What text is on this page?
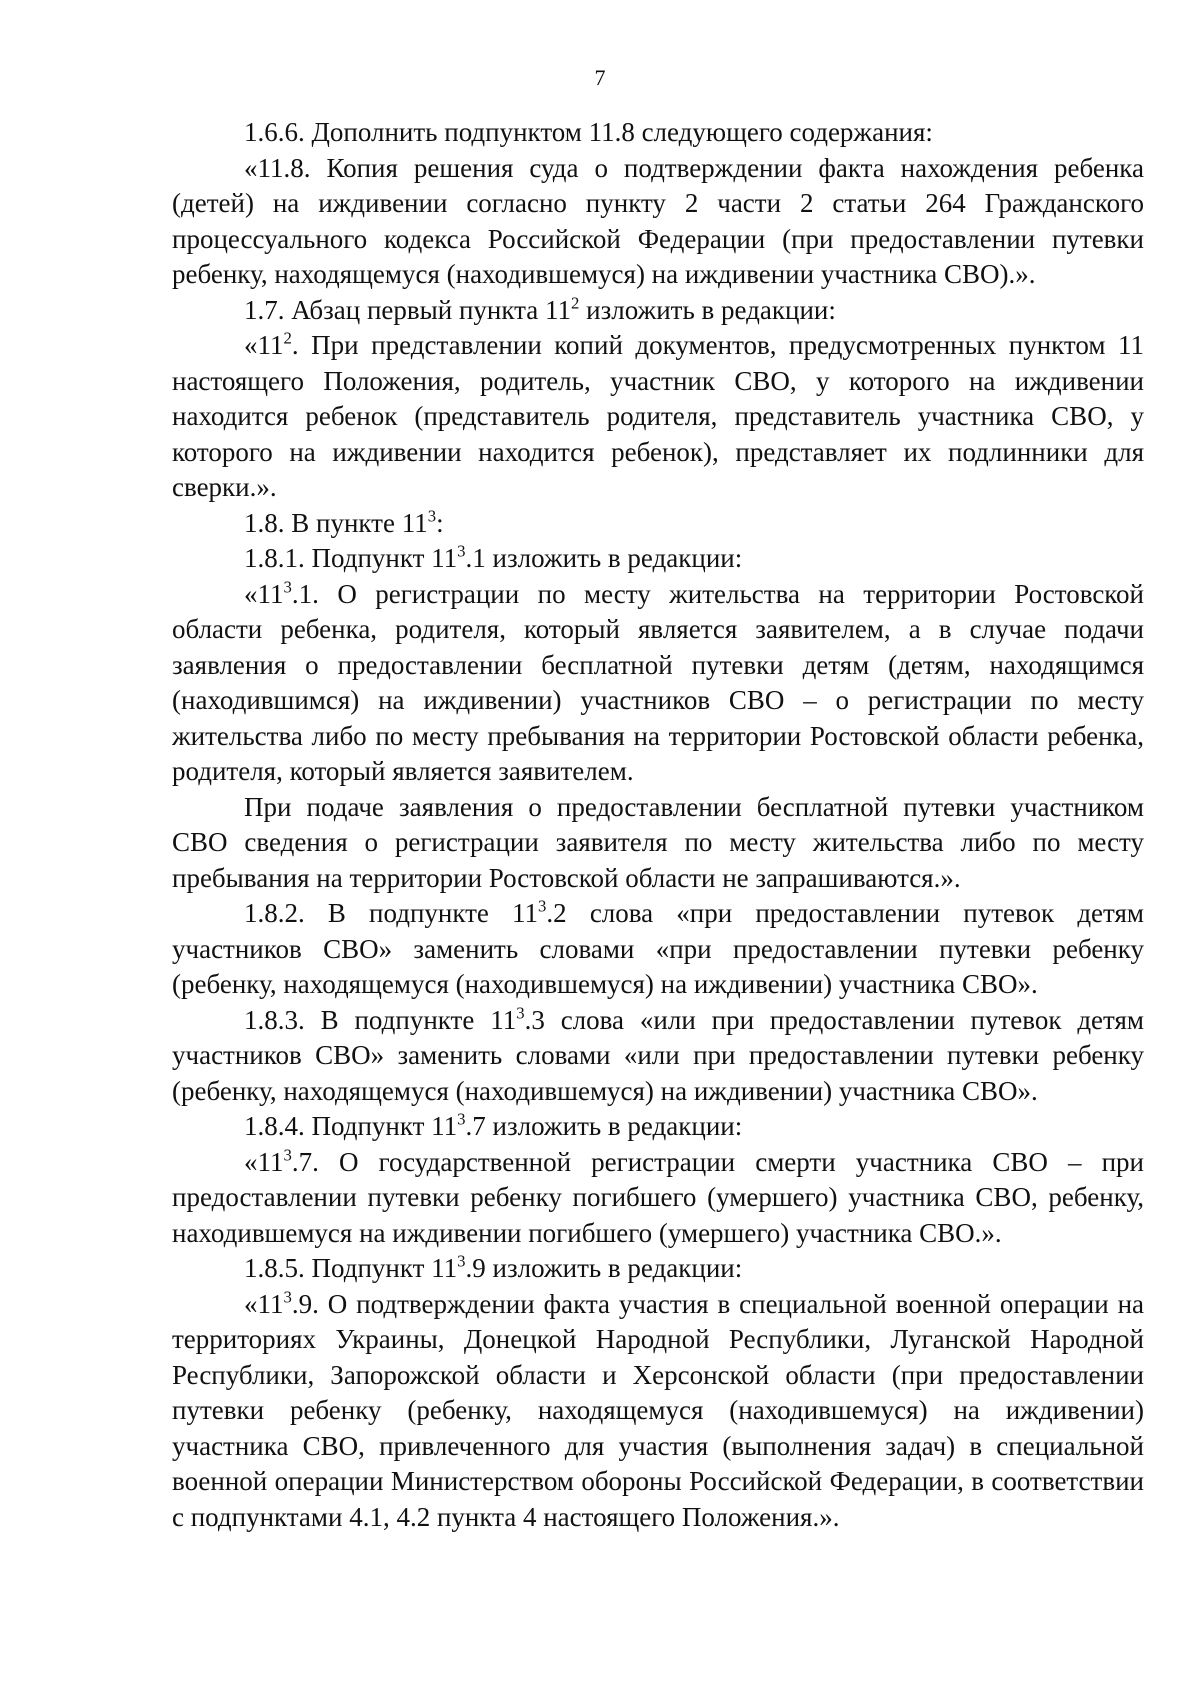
7

1.6.6. Дополнить подпунктом 11.8 следующего содержания:

«11.8. Копия решения суда о подтверждении факта нахождения ребенка (детей) на иждивении согласно пункту 2 части 2 статьи 264 Гражданского процессуального кодекса Российской Федерации (при предоставлении путевки ребенку, находящемуся (находившемуся) на иждивении участника СВО).».

1.7. Абзац первый пункта $11^2$ изложить в редакции:

«$11^2$. При представлении копий документов, предусмотренных пунктом 11 настоящего Положения, родитель, участник СВО, у которого на иждивении находится ребенок (представитель родителя, представитель участника СВО, у которого на иждивении находится ребенок), представляет их подлинники для сверки.».

1.8. В пункте $11^3$:

1.8.1. Подпункт $11^3.1$ изложить в редакции:

«$11^3.1$. О регистрации по месту жительства на территории Ростовской области ребенка, родителя, который является заявителем, а в случае подачи заявления о предоставлении бесплатной путевки детям (детям, находящимся (находившимся) на иждивении) участников СВО – о регистрации по месту жительства либо по месту пребывания на территории Ростовской области ребенка, родителя, который является заявителем.

При подаче заявления о предоставлении бесплатной путевки участником СВО сведения о регистрации заявителя по месту жительства либо по месту пребывания на территории Ростовской области не запрашиваются.».

1.8.2. В подпункте $11^3.2$ слова «при предоставлении путевок детям участников СВО» заменить словами «при предоставлении путевки ребенку (ребенку, находящемуся (находившемуся) на иждивении) участника СВО».

1.8.3. В подпункте $11^3.3$ слова «или при предоставлении путевок детям участников СВО» заменить словами «или при предоставлении путевки ребенку (ребенку, находящемуся (находившемуся) на иждивении) участника СВО».

1.8.4. Подпункт $11^3.7$ изложить в редакции:

«$11^3.7$. О государственной регистрации смерти участника СВО – при предоставлении путевки ребенку погибшего (умершего) участника СВО, ребенку, находившемуся на иждивении погибшего (умершего) участника СВО.».

1.8.5. Подпункт $11^3.9$ изложить в редакции:

«$11^3.9$. О подтверждении факта участия в специальной военной операции на территориях Украины, Донецкой Народной Республики, Луганской Народной Республики, Запорожской области и Херсонской области (при предоставлении путевки ребенку (ребенку, находящемуся (находившемуся) на иждивении) участника СВО, привлеченного для участия (выполнения задач) в специальной военной операции Министерством обороны Российской Федерации, в соответствии с подпунктами 4.1, 4.2 пункта 4 настоящего Положения.».
